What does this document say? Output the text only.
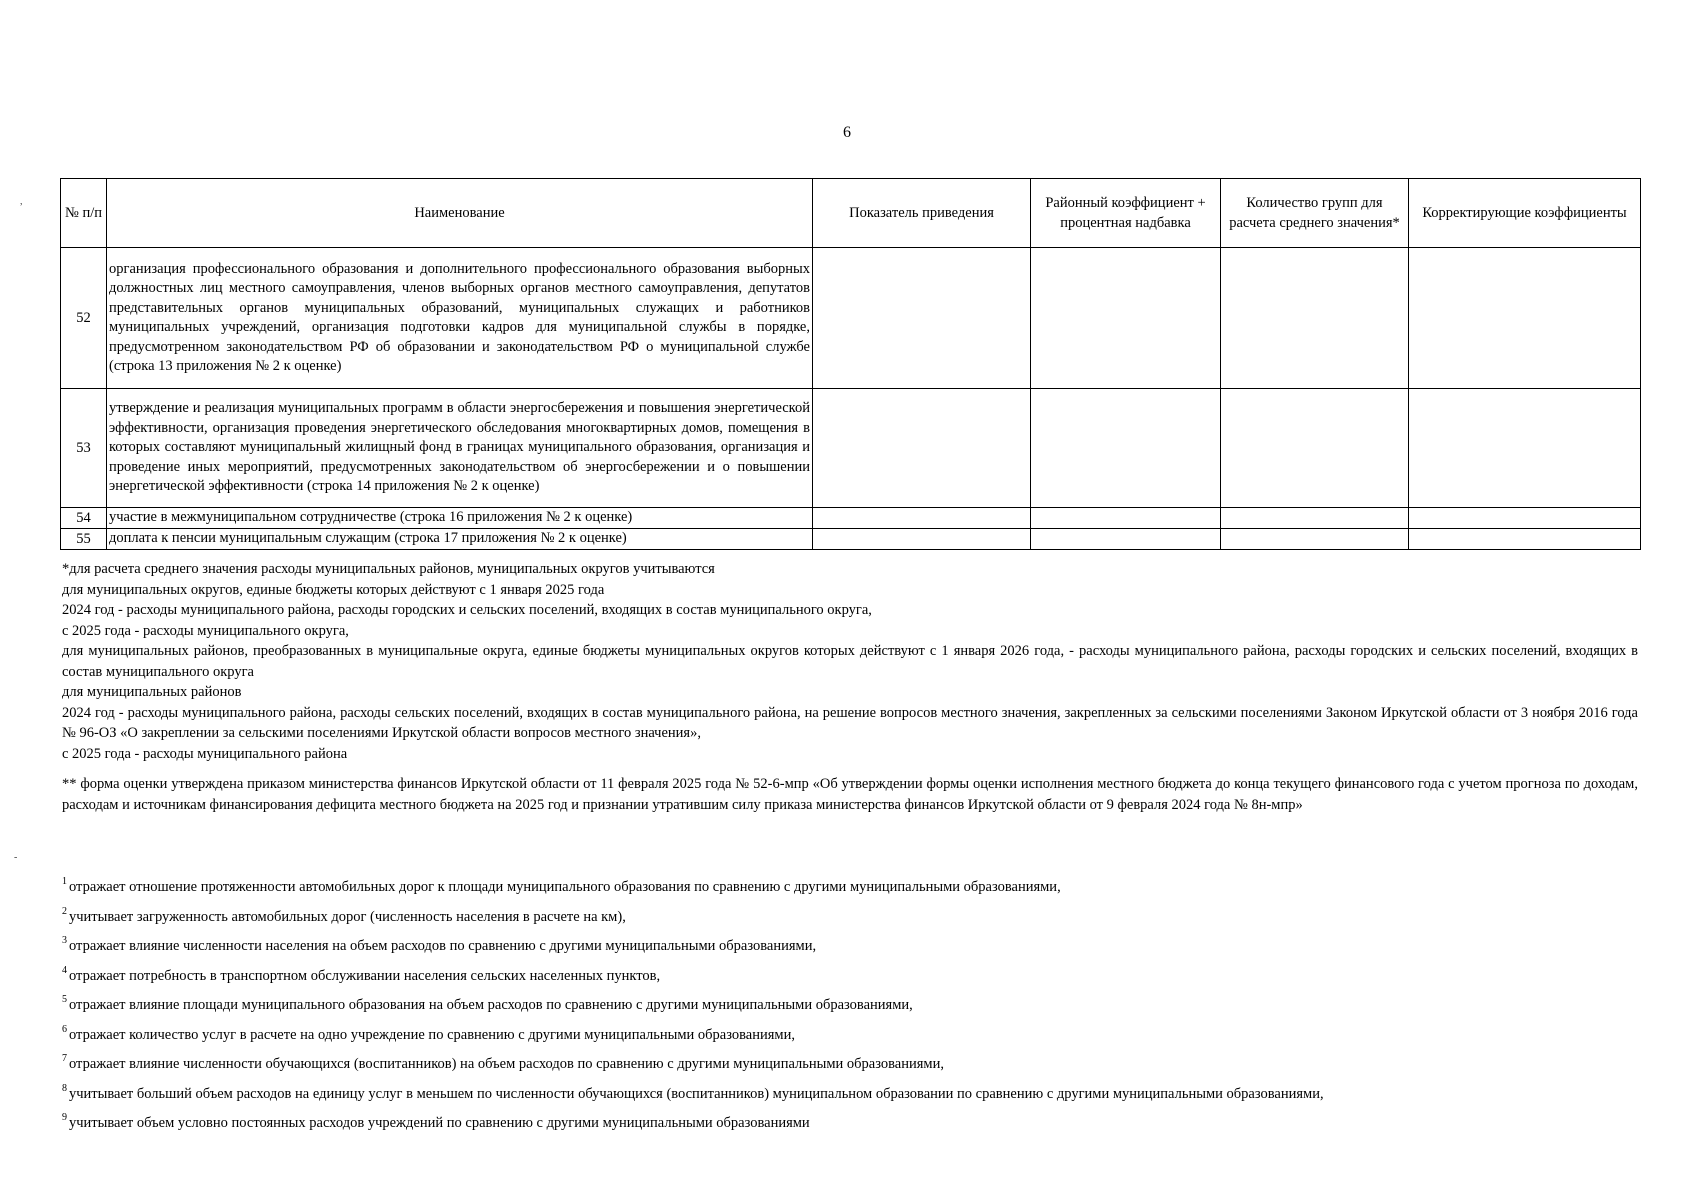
6
,
-
№ п/п	Наименование	Показатель приведения	Районный коэффициент + процентная надбавка	Количество групп для расчета среднего значения*	Корректирующие коэффициенты
52	организация профессионального образования и дополнительного профессионального образования выборных должностных лиц местного самоуправления, членов выборных органов местного самоуправления, депутатов представительных органов муниципальных образований, муниципальных служащих и работников муниципальных учреждений, организация подготовки кадров для муниципальной службы в порядке, предусмотренном законодательством РФ об образовании и законодательством РФ о муниципальной службе (строка 13 приложения № 2 к оценке)				
53	утверждение и реализация муниципальных программ в области энергосбережения и повышения энергетической эффективности, организация проведения энергетического обследования многоквартирных домов, помещения в которых составляют муниципальный жилищный фонд в границах муниципального образования, организация и проведение иных мероприятий, предусмотренных законодательством об энергосбережении и о повышении энергетической эффективности (строка 14 приложения № 2 к оценке)				
54	участие в межмуниципальном сотрудничестве (строка 16 приложения № 2 к оценке)				
55	доплата к пенсии муниципальным служащим (строка 17 приложения № 2 к оценке)				

*для расчета среднего значения расходы муниципальных районов, муниципальных округов учитываются

для муниципальных округов, единые бюджеты которых действуют с 1 января 2025 года

2024 год - расходы муниципального района, расходы городских и сельских поселений, входящих в состав муниципального округа,

с 2025 года - расходы муниципального округа,

для муниципальных районов, преобразованных в муниципальные округа, единые бюджеты муниципальных округов которых действуют с 1 января 2026 года, - расходы муниципального района, расходы городских и сельских поселений, входящих в состав муниципального округа

для муниципальных районов

2024 год - расходы муниципального района, расходы сельских поселений, входящих в состав муниципального района, на решение вопросов местного значения, закрепленных за сельскими поселениями Законом Иркутской области от 3 ноября 2016 года № 96-ОЗ «О закреплении за сельскими поселениями Иркутской области вопросов местного значения»,

с 2025 года - расходы муниципального района

** форма оценки утверждена приказом министерства финансов Иркутской области от 11 февраля 2025 года № 52-6-мпр «Об утверждении формы оценки исполнения местного бюджета до конца текущего финансового года с учетом прогноза по доходам, расходам и источникам финансирования дефицита местного бюджета на 2025 год и признании утратившим силу приказа министерства финансов Иркутской области от 9 февраля 2024 года № 8н-мпр»

$^1$ отражает отношение протяженности автомобильных дорог к площади муниципального образования по сравнению с другими муниципальными образованиями,
$^2$ учитывает загруженность автомобильных дорог (численность населения в расчете на км),
$^3$ отражает влияние численности населения на объем расходов по сравнению с другими муниципальными образованиями,
$^4$ отражает потребность в транспортном обслуживании населения сельских населенных пунктов,
$^5$ отражает влияние площади муниципального образования на объем расходов по сравнению с другими муниципальными образованиями,
$^6$ отражает количество услуг в расчете на одно учреждение по сравнению с другими муниципальными образованиями,
$^7$ отражает влияние численности обучающихся (воспитанников) на объем расходов по сравнению с другими муниципальными образованиями,
$^8$ учитывает больший объем расходов на единицу услуг в меньшем по численности обучающихся (воспитанников) муниципальном образовании по сравнению с другими муниципальными образованиями,
$^9$ учитывает объем условно постоянных расходов учреждений по сравнению с другими муниципальными образованиями
